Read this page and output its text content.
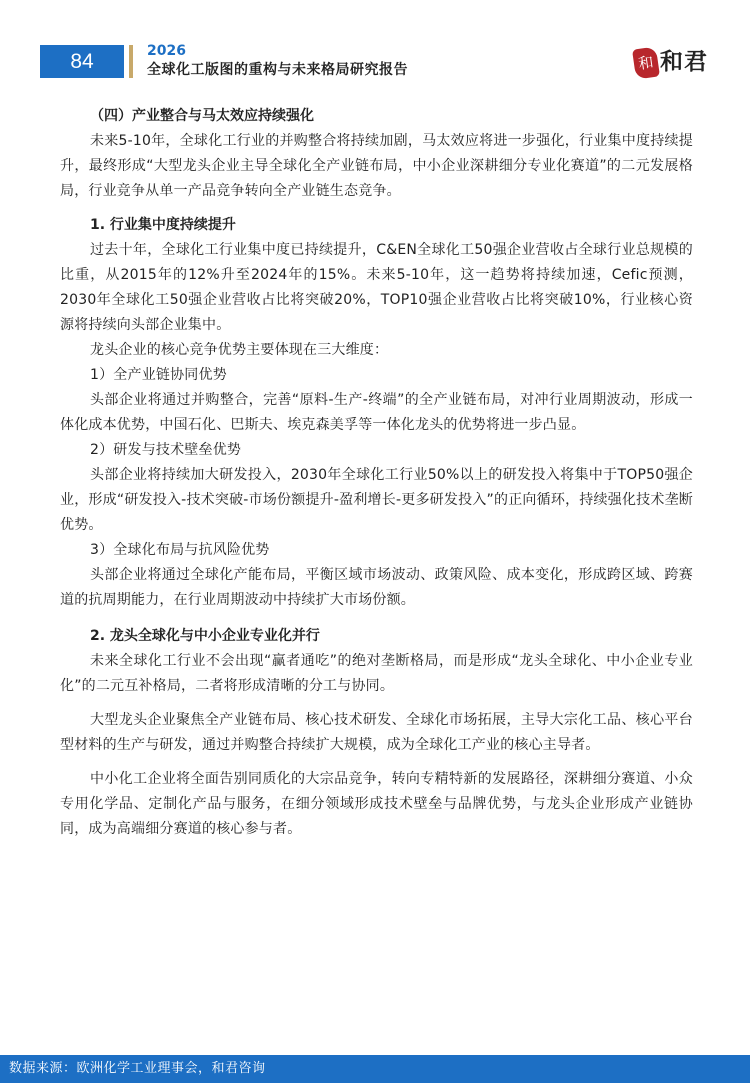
84	2026
全球化工版图的重构与未来格局研究报告	和 和君
（四）产业整合与马太效应持续强化

未来5-10年，全球化工行业的并购整合将持续加剧，马太效应将进一步强化，行业集中度持续提升，最终形成“大型龙头企业主导全球化全产业链布局，中小企业深耕细分专业化赛道”的二元发展格局，行业竞争从单一产品竞争转向全产业链生态竞争。

1. 行业集中度持续提升

过去十年，全球化工行业集中度已持续提升，C&EN全球化工50强企业营收占全球行业总规模的比重，从2015年的12%升至2024年的15%。未来5-10年，这一趋势将持续加速，Cefic预测，2030年全球化工50强企业营收占比将突破20%，TOP10强企业营收占比将突破10%，行业核心资源将持续向头部企业集中。

龙头企业的核心竞争优势主要体现在三大维度：

1）全产业链协同优势

头部企业将通过并购整合，完善“原料-生产-终端”的全产业链布局，对冲行业周期波动，形成一体化成本优势，中国石化、巴斯夫、埃克森美孚等一体化龙头的优势将进一步凸显。

2）研发与技术壁垒优势

头部企业将持续加大研发投入，2030年全球化工行业50%以上的研发投入将集中于TOP50强企业，形成“研发投入-技术突破-市场份额提升-盈利增长-更多研发投入”的正向循环，持续强化技术垄断优势。

3）全球化布局与抗风险优势

头部企业将通过全球化产能布局，平衡区域市场波动、政策风险、成本变化，形成跨区域、跨赛道的抗周期能力，在行业周期波动中持续扩大市场份额。

2. 龙头全球化与中小企业专业化并行

未来全球化工行业不会出现“赢者通吃”的绝对垄断格局，而是形成“龙头全球化、中小企业专业化”的二元互补格局，二者将形成清晰的分工与协同。

大型龙头企业聚焦全产业链布局、核心技术研发、全球化市场拓展，主导大宗化工品、核心平台型材料的生产与研发，通过并购整合持续扩大规模，成为全球化工产业的核心主导者。

中小化工企业将全面告别同质化的大宗品竞争，转向专精特新的发展路径，深耕细分赛道、小众专用化学品、定制化产品与服务，在细分领域形成技术壁垒与品牌优势，与龙头企业形成产业链协同，成为高端细分赛道的核心参与者。

数据来源：欧洲化学工业理事会，和君咨询
